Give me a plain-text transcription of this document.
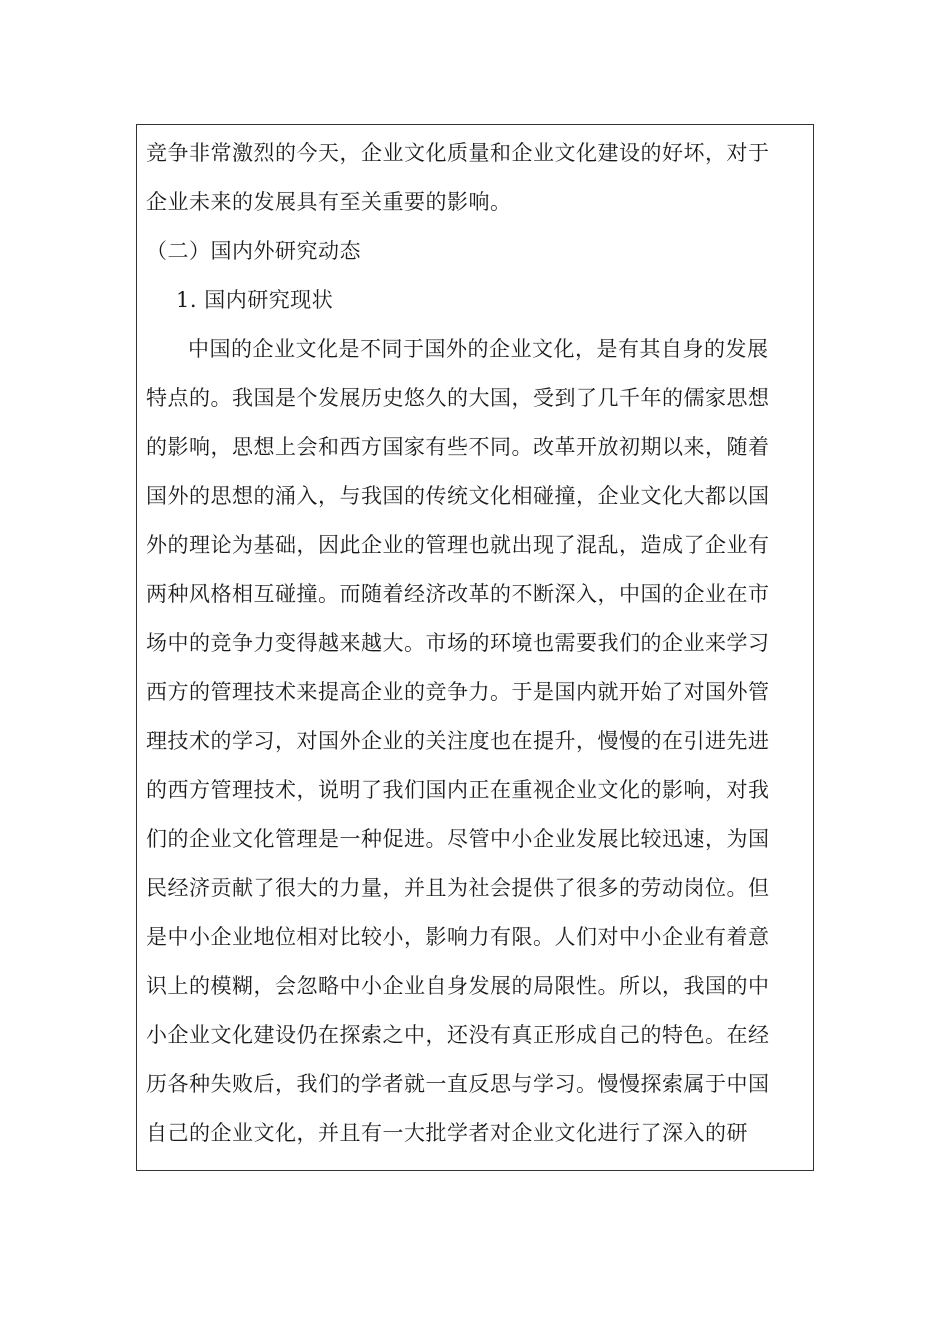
竞争非常激烈的今天，企业文化质量和企业文化建设的好坏，对于
企业未来的发展具有至关重要的影响。
（二）国内外研究动态
1. 国内研究现状
中国的企业文化是不同于国外的企业文化，是有其自身的发展
特点的。我国是个发展历史悠久的大国，受到了几千年的儒家思想
的影响，思想上会和西方国家有些不同。改革开放初期以来，随着
国外的思想的涌入，与我国的传统文化相碰撞，企业文化大都以国
外的理论为基础，因此企业的管理也就出现了混乱，造成了企业有
两种风格相互碰撞。而随着经济改革的不断深入，中国的企业在市
场中的竞争力变得越来越大。市场的环境也需要我们的企业来学习
西方的管理技术来提高企业的竞争力。于是国内就开始了对国外管
理技术的学习，对国外企业的关注度也在提升，慢慢的在引进先进
的西方管理技术，说明了我们国内正在重视企业文化的影响，对我
们的企业文化管理是一种促进。尽管中小企业发展比较迅速，为国
民经济贡献了很大的力量，并且为社会提供了很多的劳动岗位。但
是中小企业地位相对比较小，影响力有限。人们对中小企业有着意
识上的模糊，会忽略中小企业自身发展的局限性。所以，我国的中
小企业文化建设仍在探索之中，还没有真正形成自己的特色。在经
历各种失败后，我们的学者就一直反思与学习。慢慢探索属于中国
自己的企业文化，并且有一大批学者对企业文化进行了深入的研
